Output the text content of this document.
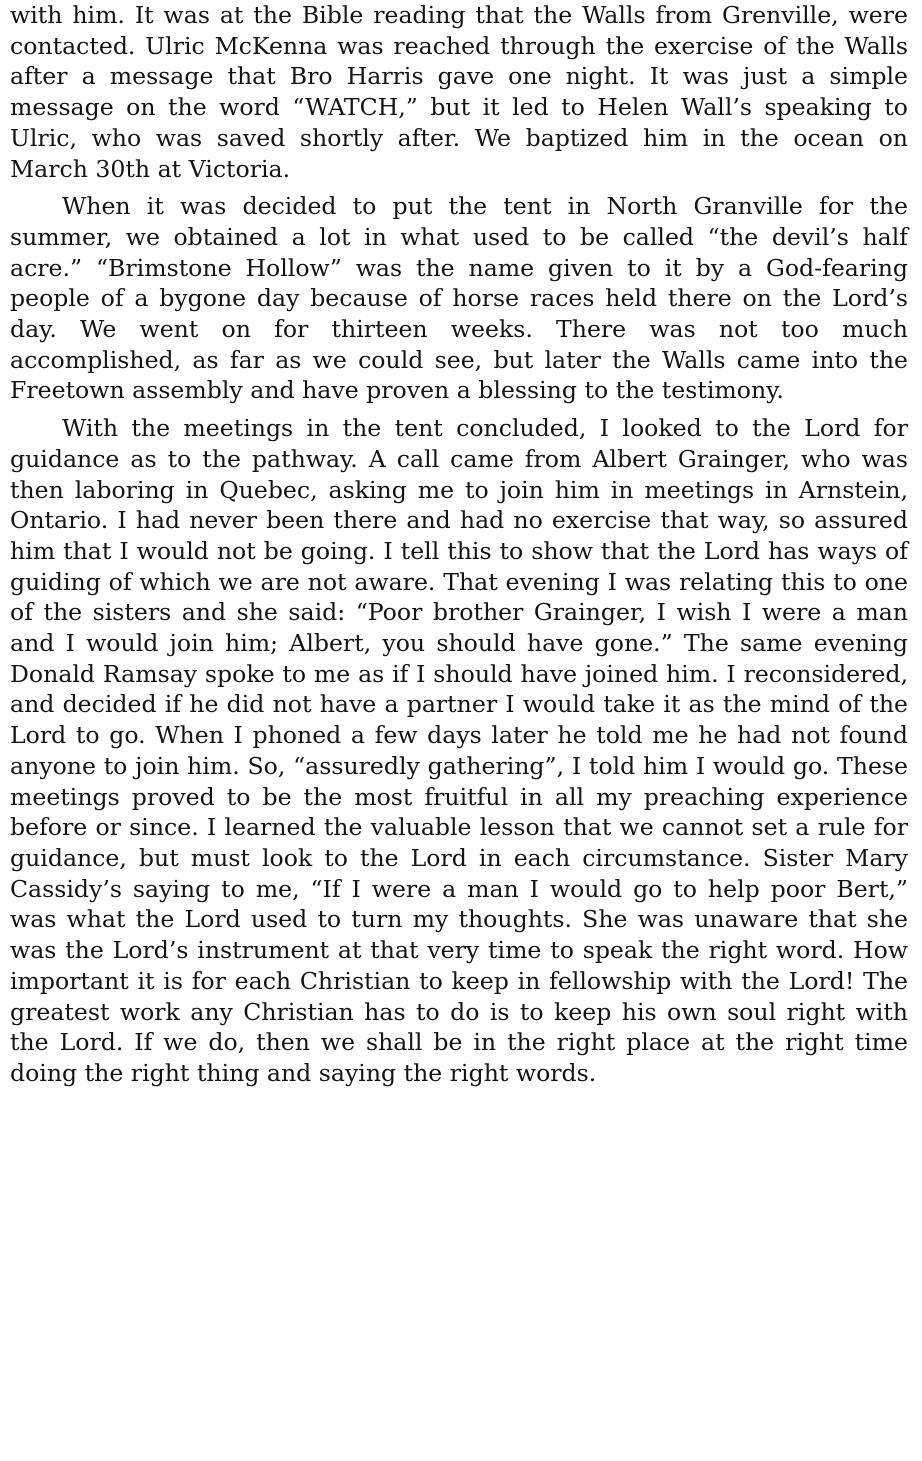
with him. It was at the Bible reading that the Walls from Grenville, were contacted. Ulric McKenna was reached through the exercise of the Walls after a message that Bro Harris gave one night. It was just a simple message on the word “WATCH,” but it led to Helen Wall’s speaking to Ulric, who was saved shortly after. We baptized him in the ocean on March 30th at Victoria.

When it was decided to put the tent in North Granville for the summer, we obtained a lot in what used to be called “the devil’s half acre.” “Brimstone Hollow” was the name given to it by a God-fearing people of a bygone day because of horse races held there on the Lord’s day. We went on for thirteen weeks. There was not too much accomplished, as far as we could see, but later the Walls came into the Freetown assembly and have proven a blessing to the testimony.

With the meetings in the tent concluded, I looked to the Lord for guidance as to the pathway. A call came from Albert Grainger, who was then laboring in Quebec, asking me to join him in meetings in Arnstein, Ontario. I had never been there and had no exercise that way, so assured him that I would not be going. I tell this to show that the Lord has ways of guiding of which we are not aware. That evening I was relating this to one of the sisters and she said: “Poor brother Grainger, I wish I were a man and I would join him; Albert, you should have gone.” The same evening Donald Ramsay spoke to me as if I should have joined him. I reconsidered, and decided if he did not have a partner I would take it as the mind of the Lord to go. When I phoned a few days later he told me he had not found anyone to join him. So, “assuredly gathering”, I told him I would go. These meetings proved to be the most fruitful in all my preaching experience before or since. I learned the valuable lesson that we cannot set a rule for guidance, but must look to the Lord in each circumstance. Sister Mary Cassidy’s saying to me, “If I were a man I would go to help poor Bert,” was what the Lord used to turn my thoughts. She was unaware that she was the Lord’s instrument at that very time to speak the right word. How important it is for each Christian to keep in fellowship with the Lord! The greatest work any Christian has to do is to keep his own soul right with the Lord. If we do, then we shall be in the right place at the right time doing the right thing and saying the right words.
